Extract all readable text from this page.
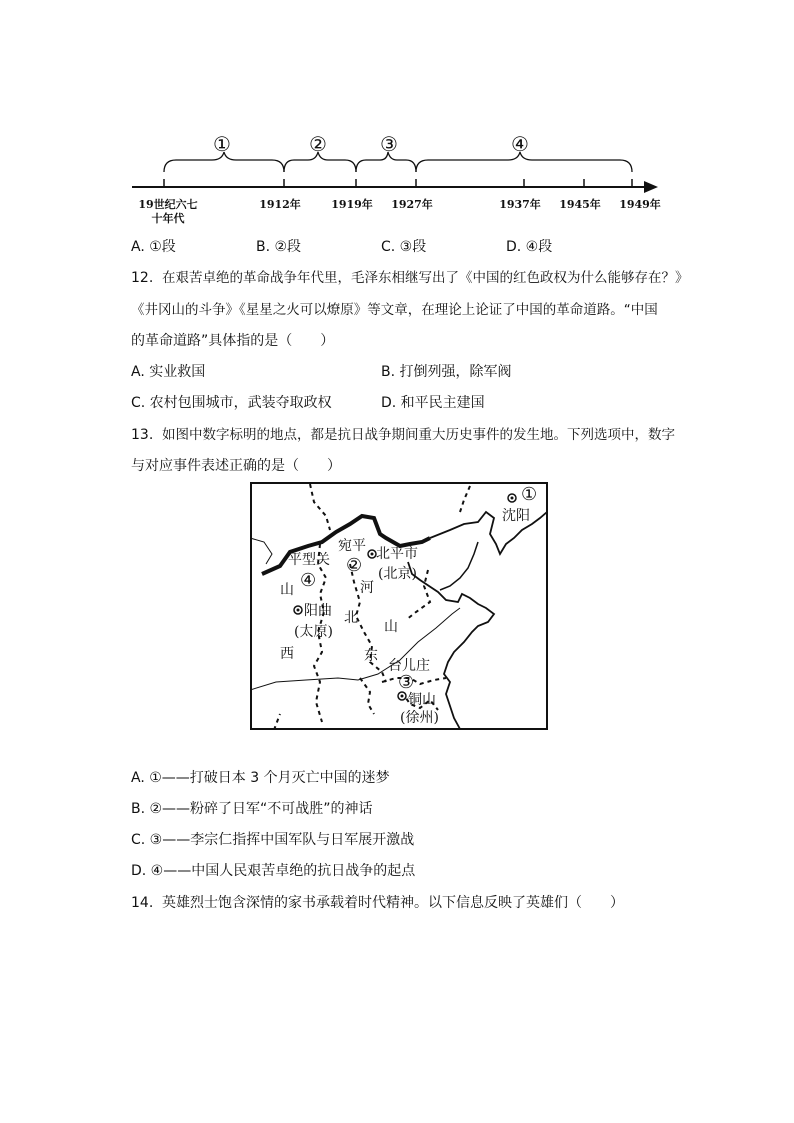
①	②	③	④
19世纪六七
十年代
1912年	1919年 1927年	1937年 1945年 1949年
A. ①段	B. ②段	C. ③段	D. ④段
12. 在艰苦卓绝的革命战争年代里，毛泽东相继写出了《中国的红色政权为什么能够存在？》
《井冈山的斗争》《星星之火可以燎原》等文章，在理论上论证了中国的革命道路。“中国
的革命道路”具体指的是（　　）
A. 实业救国	B. 打倒列强，除军阀
C. 农村包围城市，武装夺取政权	D. 和平民主建国
13. 如图中数字标明的地点，都是抗日战争期间重大历史事件的发生地。下列选项中，数字
与对应事件表述正确的是（　　）
①
沈阳
宛平 北平市
(北京)
②
平型关
山 ④	河
阳曲 北
(太原)	山
西	东
台儿庄
③
铜山
(徐州)
A. ①——打破日本 3 个月灭亡中国的迷梦
B. ②——粉碎了日军“不可战胜”的神话
C. ③——李宗仁指挥中国军队与日军展开激战
D. ④——中国人民艰苦卓绝的抗日战争的起点
14. 英雄烈士饱含深情的家书承载着时代精神。以下信息反映了英雄们（　　）
